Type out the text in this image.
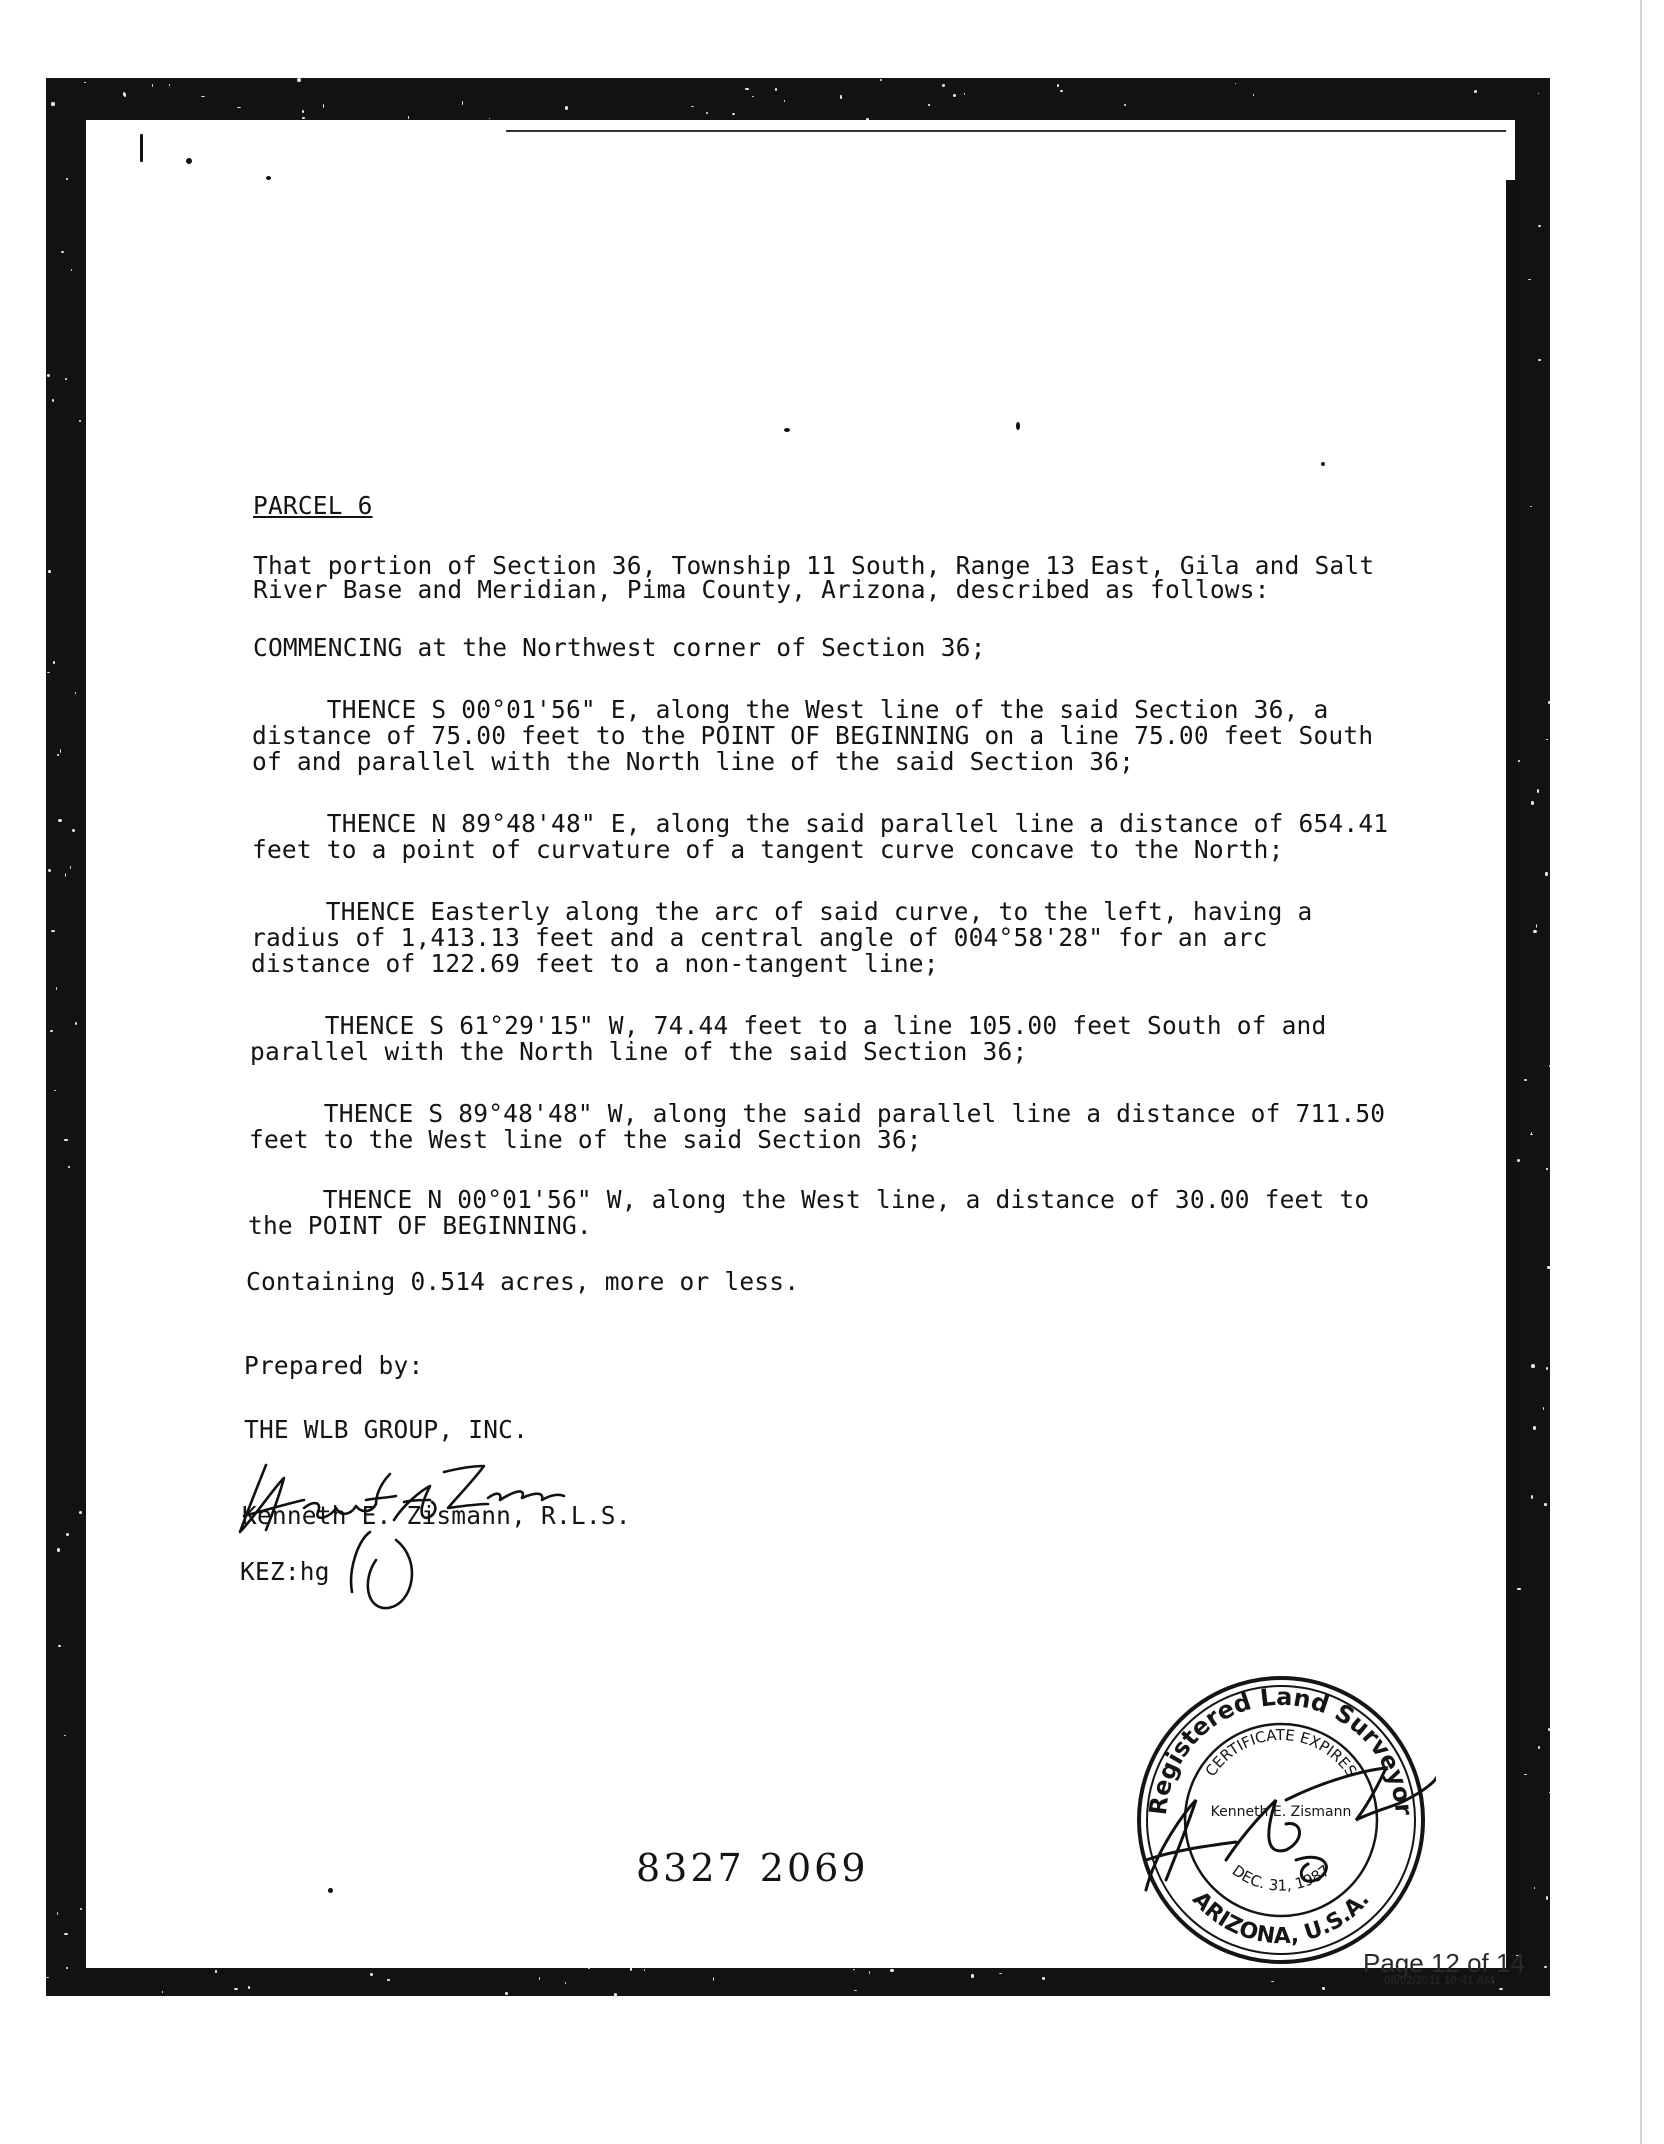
PARCEL 6
That portion of Section 36, Township 11 South, Range 13 East, Gila and Salt
River Base and Meridian, Pima County, Arizona, described as follows:
COMMENCING at the Northwest corner of Section 36;
THENCE S 00°01'56" E, along the West line of the said Section 36, a
distance of 75.00 feet to the POINT OF BEGINNING on a line 75.00 feet South
of and parallel with the North line of the said Section 36;
THENCE N 89°48'48" E, along the said parallel line a distance of 654.41
feet to a point of curvature of a tangent curve concave to the North;
THENCE Easterly along the arc of said curve, to the left, having a
radius of 1,413.13 feet and a central angle of 004°58'28" for an arc
distance of 122.69 feet to a non-tangent line;
THENCE S 61°29'15" W, 74.44 feet to a line 105.00 feet South of and
parallel with the North line of the said Section 36;
THENCE S 89°48'48" W, along the said parallel line a distance of 711.50
feet to the West line of the said Section 36;
THENCE N 00°01'56" W, along the West line, a distance of 30.00 feet to
the POINT OF BEGINNING.
Containing 0.514 acres, more or less.
Prepared by:
THE WLB GROUP, INC.
Kenneth E. Zismann, R.L.S.
KEZ:hg
8327 2069
Registered Land Surveyor
CERTIFICATE EXPIRES
Kenneth E. Zismann
DEC. 31, 1987
ARIZONA, U.S.A.
Page 12 of 14
08/02/2011 10:41 AM
